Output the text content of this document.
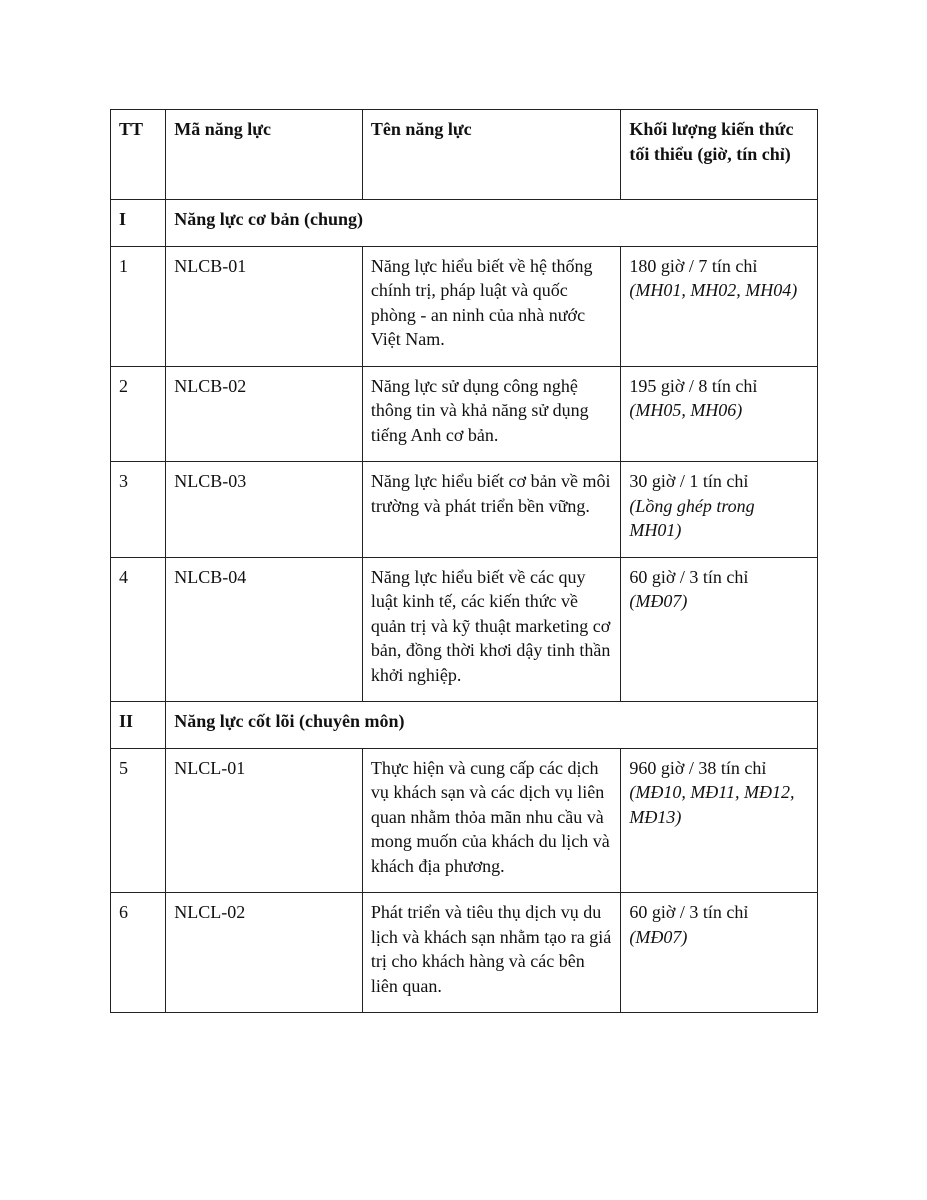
TT	Mã năng lực	Tên năng lực	Khối lượng kiến thức tối thiểu (giờ, tín chỉ)
I	Năng lực cơ bản (chung)		
1	NLCB-01	Năng lực hiểu biết về hệ thống chính trị, pháp luật và quốc phòng - an ninh của nhà nước Việt Nam.	180 giờ / 7 tín chỉ
(MH01, MH02, MH04)

2	NLCB-02	Năng lực sử dụng công nghệ thông tin và khả năng sử dụng tiếng Anh cơ bản.	195 giờ / 8 tín chỉ
(MH05, MH06)

3	NLCB-03	Năng lực hiểu biết cơ bản về môi trường và phát triển bền vững.	30 giờ / 1 tín chỉ
(Lồng ghép trong MH01)

4	NLCB-04	Năng lực hiểu biết về các quy luật kinh tế, các kiến thức về quản trị và kỹ thuật marketing cơ bản, đồng thời khơi dậy tinh thần khởi nghiệp.	60 giờ / 3 tín chỉ
(MĐ07)

II	Năng lực cốt lõi (chuyên môn)		
5	NLCL-01	Thực hiện và cung cấp các dịch vụ khách sạn và các dịch vụ liên quan nhằm thỏa mãn nhu cầu và mong muốn của khách du lịch và khách địa phương.	960 giờ / 38 tín chỉ
(MĐ10, MĐ11, MĐ12, MĐ13)

6	NLCL-02	Phát triển và tiêu thụ dịch vụ du lịch và khách sạn nhằm tạo ra giá trị cho khách hàng và các bên liên quan.	60 giờ / 3 tín chỉ
(MĐ07)
